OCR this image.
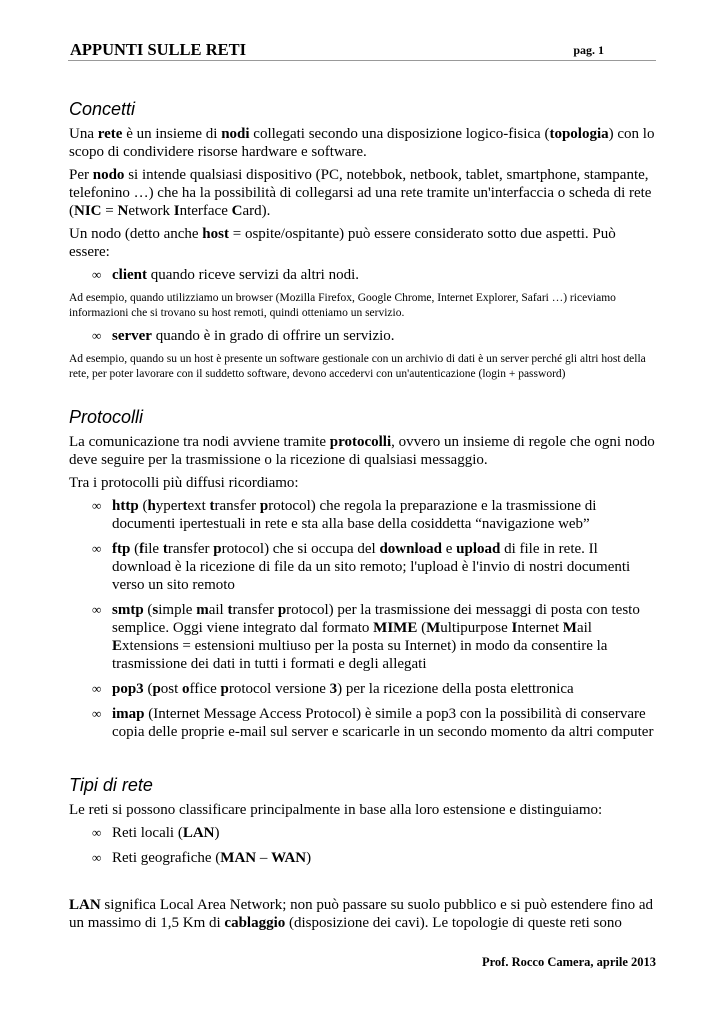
APPUNTI SULLE RETI	pag. 1
Concetti

Una rete è un insieme di nodi collegati secondo una disposizione logico-fisica (topologia) con lo scopo di condividere risorse hardware e software.

Per nodo si intende qualsiasi dispositivo (PC, notebbok, netbook, tablet, smartphone, stampante, telefonino …) che ha la possibilità di collegarsi ad una rete tramite un'interfaccia o scheda di rete (NIC = Network Interface Card).

Un nodo (detto anche host = ospite/ospitante) può essere considerato sotto due aspetti. Può essere:

∞ client quando riceve servizi da altri nodi.

Ad esempio, quando utilizziamo un browser (Mozilla Firefox, Google Chrome, Internet Explorer, Safari …) riceviamo informazioni che si trovano su host remoti, quindi otteniamo un servizio.

∞ server quando è in grado di offrire un servizio.

Ad esempio, quando su un host è presente un software gestionale con un archivio di dati è un server perché gli altri host della rete, per poter lavorare con il suddetto software, devono accedervi con un'autenticazione (login + password)

Protocolli

La comunicazione tra nodi avviene tramite protocolli, ovvero un insieme di regole che ogni nodo deve seguire per la trasmissione o la ricezione di qualsiasi messaggio.

Tra i protocolli più diffusi ricordiamo:

∞ http (hypertext transfer protocol) che regola la preparazione e la trasmissione di documenti ipertestuali in rete e sta alla base della cosiddetta “navigazione web”
∞ ftp (file transfer protocol) che si occupa del download e upload di file in rete. Il download è la ricezione di file da un sito remoto; l'upload è l'invio di nostri documenti verso un sito remoto
∞ smtp (simple mail transfer protocol) per la trasmissione dei messaggi di posta con testo semplice. Oggi viene integrato dal formato MIME (Multipurpose Internet Mail Extensions = estensioni multiuso per la posta su Internet) in modo da consentire la trasmissione dei dati in tutti i formati e degli allegati
∞ pop3 (post office protocol versione 3) per la ricezione della posta elettronica
∞ imap (Internet Message Access Protocol) è simile a pop3 con la possibilità di conservare copia delle proprie e-mail sul server e scaricarle in un secondo momento da altri computer
Tipi di rete

Le reti si possono classificare principalmente in base alla loro estensione e distinguiamo:

∞ Reti locali (LAN)
∞ Reti geografiche (MAN – WAN)

LAN significa Local Area Network; non può passare su suolo pubblico e si può estendere fino ad un massimo di 1,5 Km di cablaggio (disposizione dei cavi). Le topologie di queste reti sono

Prof. Rocco Camera, aprile 2013
